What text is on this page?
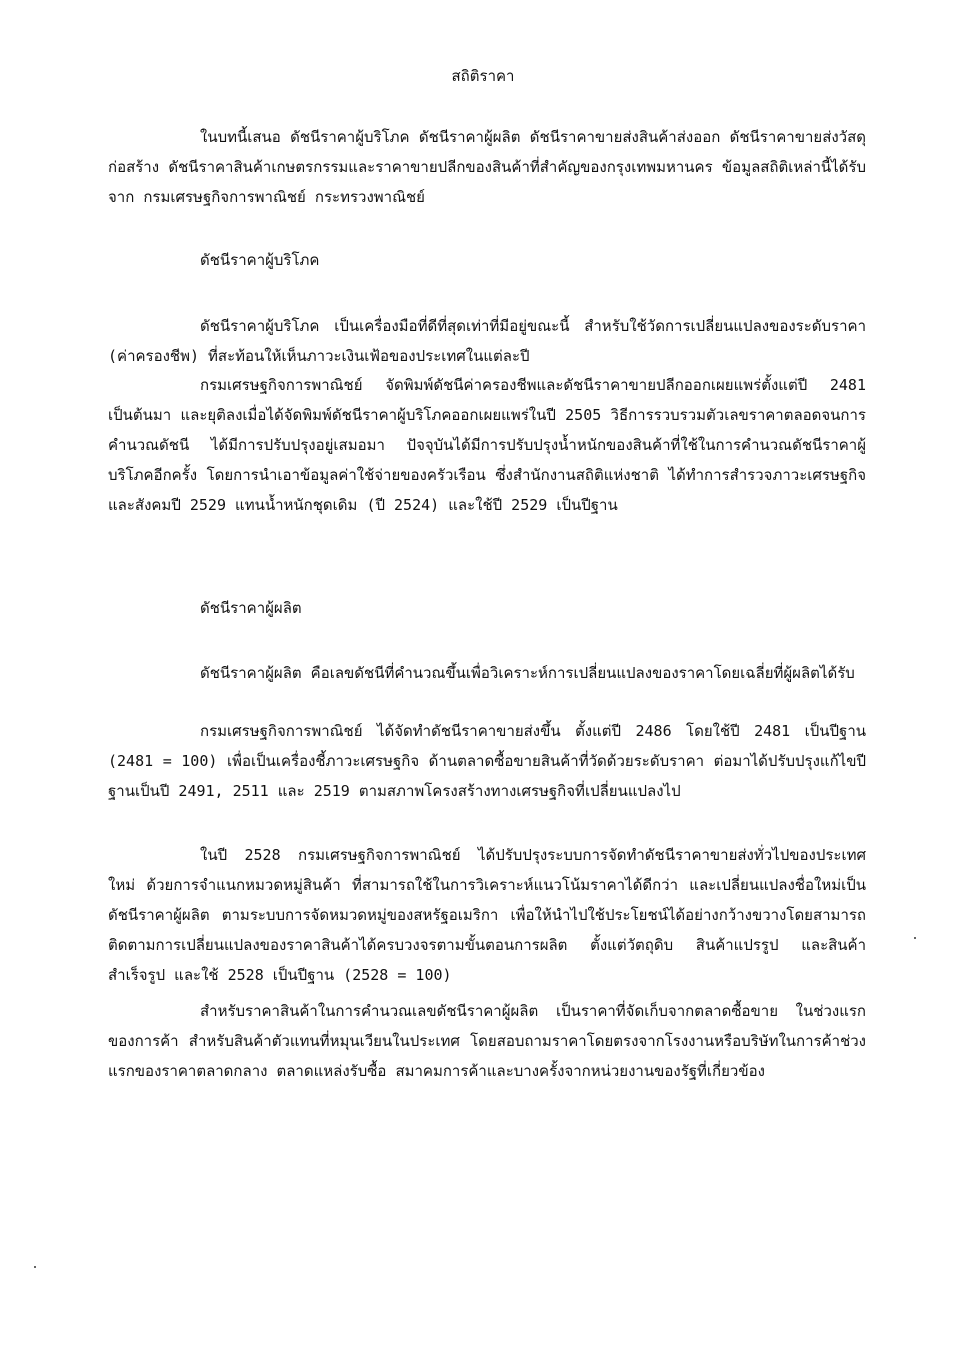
สถิติราคา

ในบทนี้เสนอ ดัชนีราคาผู้บริโภค ดัชนีราคาผู้ผลิต ดัชนีราคาขายส่งสินค้าส่งออก ดัชนีราคาขายส่งวัสดุก่อสร้าง ดัชนีราคาสินค้าเกษตรกรรมและราคาขายปลีกของสินค้าที่สำคัญของกรุงเทพมหานคร ข้อมูลสถิติเหล่านี้ได้รับจาก กรมเศรษฐกิจการพาณิชย์ กระทรวงพาณิชย์

ดัชนีราคาผู้บริโภค

ดัชนีราคาผู้บริโภค เป็นเครื่องมือที่ดีที่สุดเท่าที่มีอยู่ขณะนี้ สำหรับใช้วัดการเปลี่ยนแปลงของระดับราคา (ค่าครองชีพ) ที่สะท้อนให้เห็นภาวะเงินเฟ้อของประเทศในแต่ละปี

กรมเศรษฐกิจการพาณิชย์ จัดพิมพ์ดัชนีค่าครองชีพและดัชนีราคาขายปลีกออกเผยแพร่ตั้งแต่ปี 2481 เป็นต้นมา และยุติลงเมื่อได้จัดพิมพ์ดัชนีราคาผู้บริโภคออกเผยแพร่ในปี 2505 วิธีการรวบรวมตัวเลขราคาตลอดจนการคำนวณดัชนี ได้มีการปรับปรุงอยู่เสมอมา ปัจจุบันได้มีการปรับปรุงน้ำหนักของสินค้าที่ใช้ในการคำนวณดัชนีราคาผู้บริโภคอีกครั้ง โดยการนำเอาข้อมูลค่าใช้จ่ายของครัวเรือน ซึ่งสำนักงานสถิติแห่งชาติ ได้ทำการสำรวจภาวะเศรษฐกิจและสังคมปี 2529 แทนน้ำหนักชุดเดิม (ปี 2524) และใช้ปี 2529 เป็นปีฐาน

ดัชนีราคาผู้ผลิต

ดัชนีราคาผู้ผลิต คือเลขดัชนีที่คำนวณขึ้นเพื่อวิเคราะห์การเปลี่ยนแปลงของราคาโดยเฉลี่ยที่ผู้ผลิตได้รับ

กรมเศรษฐกิจการพาณิชย์ ได้จัดทำดัชนีราคาขายส่งขึ้น ตั้งแต่ปี 2486 โดยใช้ปี 2481 เป็นปีฐาน (2481 = 100) เพื่อเป็นเครื่องชี้ภาวะเศรษฐกิจ ด้านตลาดซื้อขายสินค้าที่วัดด้วยระดับราคา ต่อมาได้ปรับปรุงแก้ไขปีฐานเป็นปี 2491, 2511 และ 2519 ตามสภาพโครงสร้างทางเศรษฐกิจที่เปลี่ยนแปลงไป

ในปี 2528 กรมเศรษฐกิจการพาณิชย์ ได้ปรับปรุงระบบการจัดทำดัชนีราคาขายส่งทั่วไปของประเทศใหม่ ด้วยการจำแนกหมวดหมู่สินค้า ที่สามารถใช้ในการวิเคราะห์แนวโน้มราคาได้ดีกว่า และเปลี่ยนแปลงชื่อใหม่เป็นดัชนีราคาผู้ผลิต ตามระบบการจัดหมวดหมู่ของสหรัฐอเมริกา เพื่อให้นำไปใช้ประโยชน์ได้อย่างกว้างขวางโดยสามารถติดตามการเปลี่ยนแปลงของราคาสินค้าได้ครบวงจรตามขั้นตอนการผลิต ตั้งแต่วัตถุดิบ สินค้าแปรรูป และสินค้าสำเร็จรูป และใช้ 2528 เป็นปีฐาน (2528 = 100)

สำหรับราคาสินค้าในการคำนวณเลขดัชนีราคาผู้ผลิต เป็นราคาที่จัดเก็บจากตลาดซื้อขาย ในช่วงแรกของการค้า สำหรับสินค้าตัวแทนที่หมุนเวียนในประเทศ โดยสอบถามราคาโดยตรงจากโรงงานหรือบริษัทในการค้าช่วงแรกของราคาตลาดกลาง ตลาดแหล่งรับซื้อ สมาคมการค้าและบางครั้งจากหน่วยงานของรัฐที่เกี่ยวข้อง
